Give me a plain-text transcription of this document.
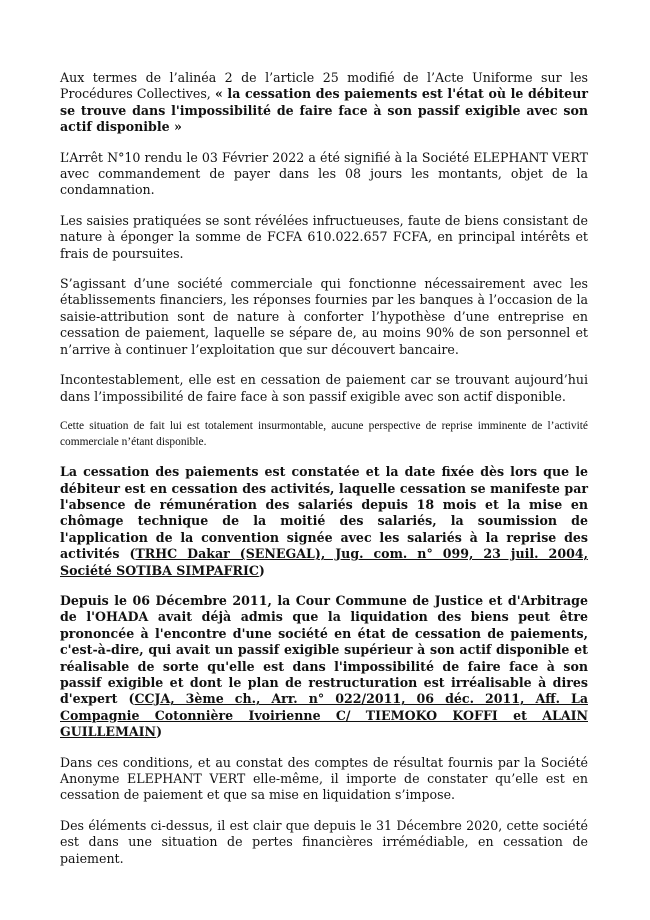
Aux termes de l’alinéa 2 de l’article 25 modifié de l’Acte Uniforme sur les Procédures Collectives, « la cessation des paiements est l'état où le débiteur se trouve dans l'impossibilité de faire face à son passif exigible avec son actif disponible »

L’Arrêt N°10 rendu le 03 Février 2022 a été signifié à la Société ELEPHANT VERT avec commandement de payer dans les 08 jours les montants, objet de la condamnation.

Les saisies pratiquées se sont révélées infructueuses, faute de biens consistant de nature à éponger la somme de FCFA 610.022.657 FCFA, en principal intérêts et frais de poursuites.

S’agissant d’une société commerciale qui fonctionne nécessairement avec les établissements financiers, les réponses fournies par les banques à l’occasion de la saisie-attribution sont de nature à conforter l’hypothèse d’une entreprise en cessation de paiement, laquelle se sépare de, au moins 90% de son personnel et n’arrive à continuer l’exploitation que sur découvert bancaire.

Incontestablement, elle est en cessation de paiement car se trouvant aujourd’hui dans l’impossibilité de faire face à son passif exigible avec son actif disponible.

Cette situation de fait lui est totalement insurmontable, aucune perspective de reprise imminente de l’activité commerciale n’étant disponible.

La cessation des paiements est constatée et la date fixée dès lors que le débiteur est en cessation des activités, laquelle cessation se manifeste par l'absence de rémunération des salariés depuis 18 mois et la mise en chômage technique de la moitié des salariés, la soumission de l'application de la convention signée avec les salariés à la reprise des activités (TRHC Dakar (SENEGAL), Jug. com. n° 099, 23 juil. 2004, Société SOTIBA SIMPAFRIC)

Depuis le 06 Décembre 2011, la Cour Commune de Justice et d'Arbitrage de l'OHADA avait déjà admis que la liquidation des biens peut être prononcée à l'encontre d'une société en état de cessation de paiements, c'est-à-dire, qui avait un passif exigible supérieur à son actif disponible et réalisable de sorte qu'elle est dans l'impossibilité de faire face à son passif exigible et dont le plan de restructuration est irréalisable à dires d'expert (CCJA, 3ème ch., Arr. n° 022/2011, 06 déc. 2011, Aff. La Compagnie Cotonnière Ivoirienne C/ TIEMOKO KOFFI et ALAIN GUILLEMAIN)

Dans ces conditions, et au constat des comptes de résultat fournis par la Société Anonyme ELEPHANT VERT elle-même, il importe de constater qu’elle est en cessation de paiement et que sa mise en liquidation s’impose.

Des éléments ci-dessus, il est clair que depuis le 31 Décembre 2020, cette société est dans une situation de pertes financières irrémédiable, en cessation de paiement.
